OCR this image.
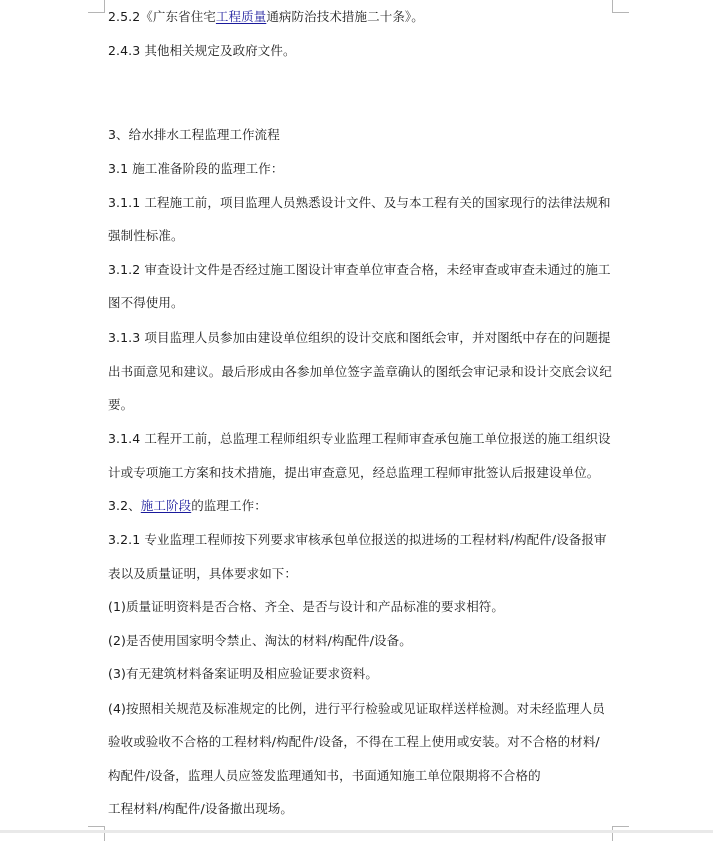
2.5.2《广东省住宅工程质量通病防治技术措施二十条》。

2.4.3 其他相关规定及政府文件。

3、给水排水工程监理工作流程

3.1 施工准备阶段的监理工作：

3.1.1 工程施工前，项目监理人员熟悉设计文件、及与本工程有关的国家现行的法律法规和

强制性标准。

3.1.2 审查设计文件是否经过施工图设计审查单位审查合格，未经审查或审查未通过的施工

图不得使用。

3.1.3 项目监理人员参加由建设单位组织的设计交底和图纸会审，并对图纸中存在的问题提

出书面意见和建议。最后形成由各参加单位签字盖章确认的图纸会审记录和设计交底会议纪

要。

3.1.4 工程开工前，总监理工程师组织专业监理工程师审查承包施工单位报送的施工组织设

计或专项施工方案和技术措施，提出审查意见，经总监理工程师审批签认后报建设单位。

3.2、施工阶段的监理工作：

3.2.1 专业监理工程师按下列要求审核承包单位报送的拟进场的工程材料/构配件/设备报审

表以及质量证明，具体要求如下：

(1)质量证明资料是否合格、齐全、是否与设计和产品标准的要求相符。

(2)是否使用国家明令禁止、淘汰的材料/构配件/设备。

(3)有无建筑材料备案证明及相应验证要求资料。

(4)按照相关规范及标准规定的比例，进行平行检验或见证取样送样检测。对未经监理人员

验收或验收不合格的工程材料/构配件/设备，不得在工程上使用或安装。对不合格的材料/

构配件/设备，监理人员应签发监理通知书，书面通知施工单位限期将不合格的

工程材料/构配件/设备撤出现场。
